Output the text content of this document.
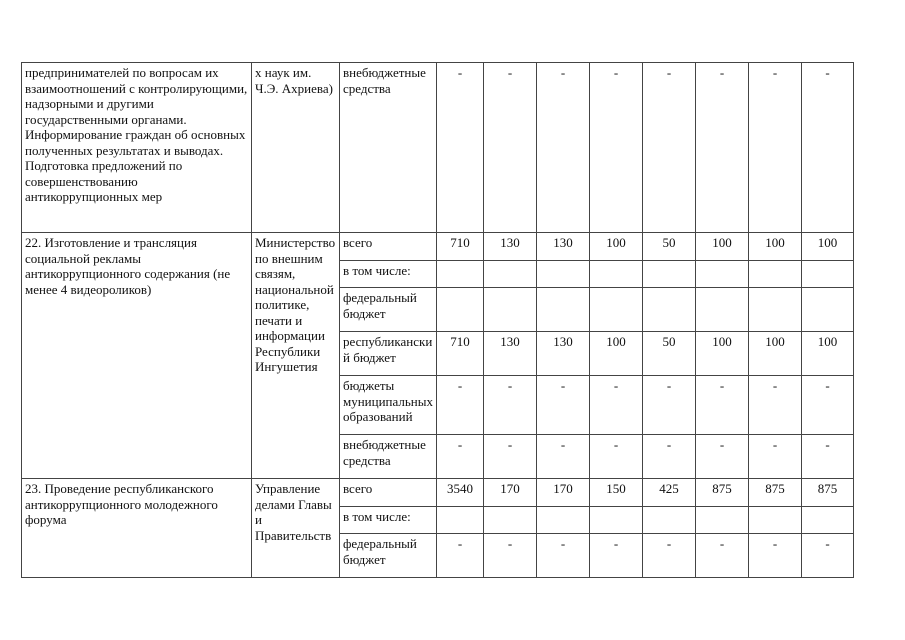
предпринимателей по вопросам их взаимоотношений с контролирующими, надзорными и другими государственными органами. Информирование граждан об основных полученных результатах и выводах. Подготовка предложений по совершенствованию антикоррупционных мер	х наук им. Ч.Э. Ахриева)	внебюджетные средства	-	-	-	-	-	-	-	-
22. Изготовление и трансляция социальной рекламы антикоррупционного содержания (не менее 4 видеороликов)	Министерство по внешним связям, национальной политике, печати и информации Республики Ингушетия	всего	710	130	130	100	50	100	100	100
		в том числе:								
		федеральный бюджет								
		республиканский бюджет	710	130	130	100	50	100	100	100
		бюджеты муниципальных образований	-	-	-	-	-	-	-	-
		внебюджетные средства	-	-	-	-	-	-	-	-
23. Проведение республиканского антикоррупционного молодежного форума	Управление делами Главы и Правительств	всего	3540	170	170	150	425	875	875	875
		в том числе:								
		федеральный бюджет	-	-	-	-	-	-	-	-
